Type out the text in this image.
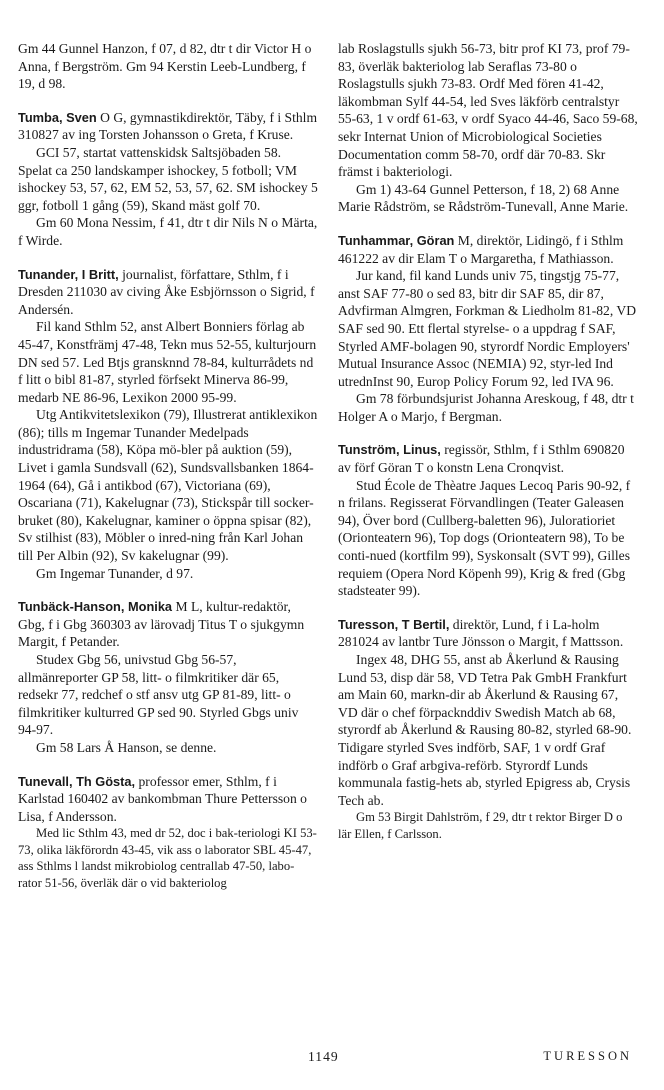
Gm 44 Gunnel Hanzon, f 07, d 82, dtr t dir Victor H o Anna, f Bergström. Gm 94 Kerstin Leeb-Lundberg, f 19, d 98.

Tumba, Sven O G, gymnastikdirektör, Täby, f i Sthlm 310827 av ing Torsten Johansson o Greta, f Kruse.

GCI 57, startat vattenskidsk Saltsjöbaden 58. Spelat ca 250 landskamper ishockey, 5 fotboll; VM ishockey 53, 57, 62, EM 52, 53, 57, 62. SM ishockey 5 ggr, fotboll 1 gång (59), Skand mäst golf 70.

Gm 60 Mona Nessim, f 41, dtr t dir Nils N o Märta, f Wirde.

Tunander, I Britt, journalist, författare, Sthlm, f i Dresden 211030 av civing Åke Esbjörnsson o Sigrid, f Andersén.

Fil kand Sthlm 52, anst Albert Bonniers förlag ab 45-47, Konstfrämj 47-48, Tekn mus 52-55, kulturjourn DN sed 57. Led Btjs gransknnd 78-84, kulturrådets nd f litt o bibl 81-87, styrled förfsekt Minerva 86-99, medarb NE 86-96, Lexikon 2000 95-99.

Utg Antikvitetslexikon (79), Illustrerat antiklexikon (86); tills m Ingemar Tunander Medelpads industridrama (58), Köpa mö-bler på auktion (59), Livet i gamla Sundsvall (62), Sundsvallsbanken 1864-1964 (64), Gå i antikbod (67), Victoriana (69), Oscariana (71), Kakelugnar (73), Stickspår till socker-bruket (80), Kakelugnar, kaminer o öppna spisar (82), Sv stilhist (83), Möbler o inred-ning från Karl Johan till Per Albin (92), Sv kakelugnar (99).

Gm Ingemar Tunander, d 97.

Tunbäck-Hanson, Monika M L, kultur-redaktör, Gbg, f i Gbg 360303 av lärovadj Titus T o sjukgymn Margit, f Petander.

Studex Gbg 56, univstud Gbg 56-57, allmänreporter GP 58, litt- o filmkritiker där 65, redsekr 77, redchef o stf ansv utg GP 81-89, litt- o filmkritiker kulturred GP sed 90. Styrled Gbgs univ 94-97.

Gm 58 Lars Å Hanson, se denne.

Tunevall, Th Gösta, professor emer, Sthlm, f i Karlstad 160402 av bankombman Thure Pettersson o Lisa, f Andersson.

Med lic Sthlm 43, med dr 52, doc i bak-teriologi KI 53-73, olika läkförordn 43-45, vik ass o laborator SBL 45-47, ass Sthlms l landst mikrobiolog centrallab 47-50, labo-rator 51-56, överläk där o vid bakteriolog

lab Roslagstulls sjukh 56-73, bitr prof KI 73, prof 79-83, överläk bakteriolog lab Seraflas 73-80 o Roslagstulls sjukh 73-83. Ordf Med fören 41-42, läkombman Sylf 44-54, led Sves läkförb centralstyr 55-63, 1 v ordf 61-63, v ordf Syaco 44-46, Saco 59-68, sekr Internat Union of Microbiological Societies Documentation comm 58-70, ordf där 70-83. Skr främst i bakteriologi.

Gm 1) 43-64 Gunnel Petterson, f 18, 2) 68 Anne Marie Rådström, se Rådström-Tunevall, Anne Marie.

Tunhammar, Göran M, direktör, Lidingö, f i Sthlm 461222 av dir Elam T o Margaretha, f Mathiasson.

Jur kand, fil kand Lunds univ 75, tingstjg 75-77, anst SAF 77-80 o sed 83, bitr dir SAF 85, dir 87, Advfirman Almgren, Forkman & Liedholm 81-82, VD SAF sed 90. Ett flertal styrelse- o a uppdrag f SAF, Styrled AMF-bolagen 90, styrordf Nordic Employers' Mutual Insurance Assoc (NEMIA) 92, styr-led Ind utrednInst 90, Europ Policy Forum 92, led IVA 96.

Gm 78 förbundsjurist Johanna Areskoug, f 48, dtr t Holger A o Marjo, f Bergman.

Tunström, Linus, regissör, Sthlm, f i Sthlm 690820 av förf Göran T o konstn Lena Cronqvist.

Stud École de Thèatre Jaques Lecoq Paris 90-92, f n frilans. Regisserat Förvandlingen (Teater Galeasen 94), Över bord (Cullberg-baletten 96), Juloratioriet (Orionteatern 96), Top dogs (Orionteatern 98), To be conti-nued (kortfilm 99), Syskonsalt (SVT 99), Gilles requiem (Opera Nord Köpenh 99), Krig & fred (Gbg stadsteater 99).

Turesson, T Bertil, direktör, Lund, f i La-holm 281024 av lantbr Ture Jönsson o Margit, f Mattsson.

Ingex 48, DHG 55, anst ab Åkerlund & Rausing Lund 53, disp där 58, VD Tetra Pak GmbH Frankfurt am Main 60, markn-dir ab Åkerlund & Rausing 67, VD där o chef förpacknddiv Swedish Match ab 68, styrordf ab Åkerlund & Rausing 80-82, styrled 68-90. Tidigare styrled Sves indförb, SAF, 1 v ordf Graf indförb o Graf arbgiva-reförb. Styrordf Lunds kommunala fastig-hets ab, styrled Epigress ab, Crysis Tech ab.

Gm 53 Birgit Dahlström, f 29, dtr t rektor Birger D o lär Ellen, f Carlsson.

1149	TURESSON
